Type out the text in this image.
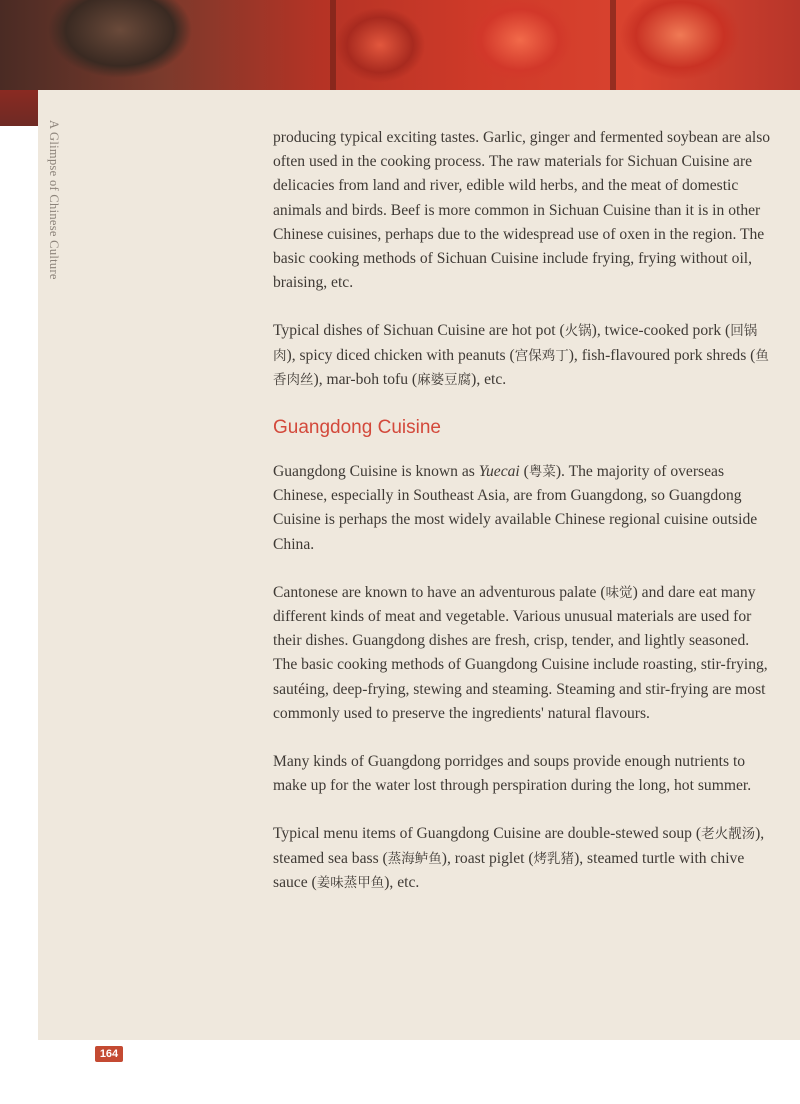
A Glimpse of Chinese Culture	producing typical exciting tastes. Garlic, ginger and fermented soybean are also often used in the cooking process. The raw materials for Sichuan Cuisine are delicacies from land and river, edible wild herbs, and the meat of domestic animals and birds. Beef is more common in Sichuan Cuisine than it is in other Chinese cuisines, perhaps due to the widespread use of oxen in the region. The basic cooking methods of Sichuan Cuisine include frying, frying without oil, braising, etc.

Typical dishes of Sichuan Cuisine are hot pot (火锅), twice-cooked pork (回锅肉), spicy diced chicken with peanuts (宫保鸡丁), fish-flavoured pork shreds (鱼香肉丝), mar-boh tofu (麻婆豆腐), etc.

Guangdong Cuisine

Guangdong Cuisine is known as Yuecai (粤菜). The majority of overseas Chinese, especially in Southeast Asia, are from Guangdong, so Guangdong Cuisine is perhaps the most widely available Chinese regional cuisine outside China.

Cantonese are known to have an adventurous palate (味觉) and dare eat many different kinds of meat and vegetable. Various unusual materials are used for their dishes. Guangdong dishes are fresh, crisp, tender, and lightly seasoned. The basic cooking methods of Guangdong Cuisine include roasting, stir-frying, sautéing, deep-frying, stewing and steaming. Steaming and stir-frying are most commonly used to preserve the ingredients' natural flavours.

Many kinds of Guangdong porridges and soups provide enough nutrients to make up for the water lost through perspiration during the long, hot summer.

Typical menu items of Guangdong Cuisine are double-stewed soup (老火靓汤), steamed sea bass (蒸海鲈鱼), roast piglet (烤乳猪), steamed turtle with chive sauce (姜味蒸甲鱼), etc.

164
